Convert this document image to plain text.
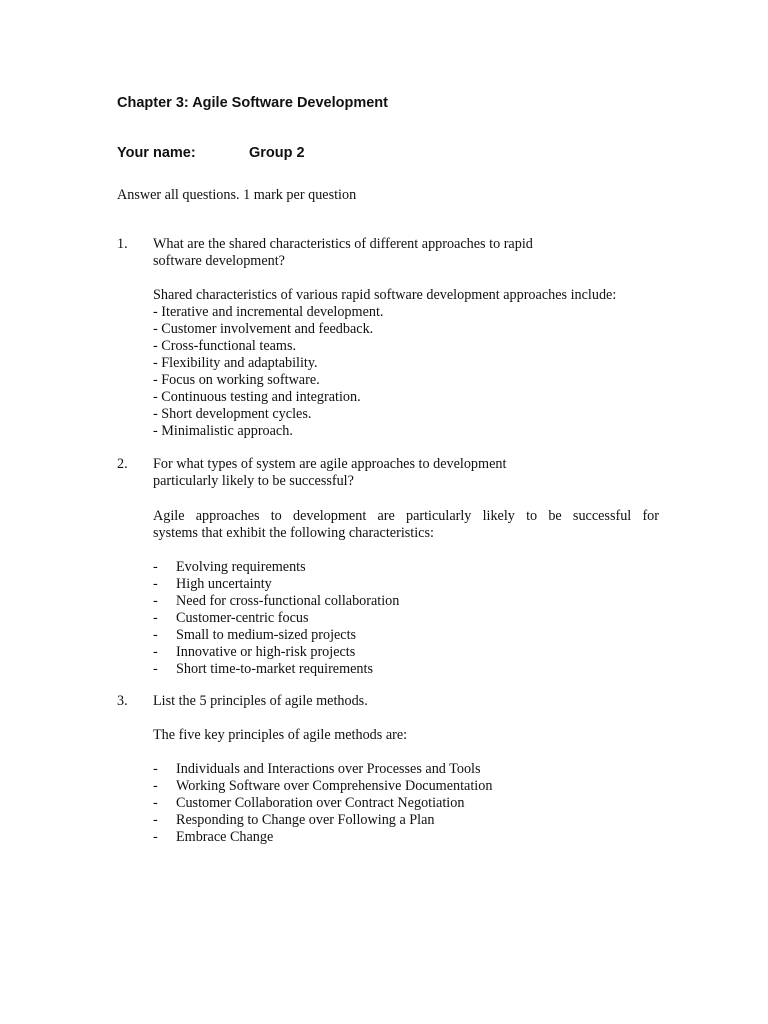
Chapter 3: Agile Software Development
Your name:	Group 2
Answer all questions. 1 mark per question
1. What are the shared characteristics of different approaches to rapid
software development?
Shared characteristics of various rapid software development approaches include:
- Iterative and incremental development.
- Customer involvement and feedback.
- Cross-functional teams.
- Flexibility and adaptability.
- Focus on working software.
- Continuous testing and integration.
- Short development cycles.
- Minimalistic approach.
2. For what types of system are agile approaches to development
particularly likely to be successful?
Agile approaches to development are particularly likely to be successful for
systems that exhibit the following characteristics:
- Evolving requirements
- High uncertainty
- Need for cross-functional collaboration
- Customer-centric focus
- Small to medium-sized projects
- Innovative or high-risk projects
- Short time-to-market requirements
3. List the 5 principles of agile methods.
The five key principles of agile methods are:
- Individuals and Interactions over Processes and Tools
- Working Software over Comprehensive Documentation
- Customer Collaboration over Contract Negotiation
- Responding to Change over Following a Plan
- Embrace Change
